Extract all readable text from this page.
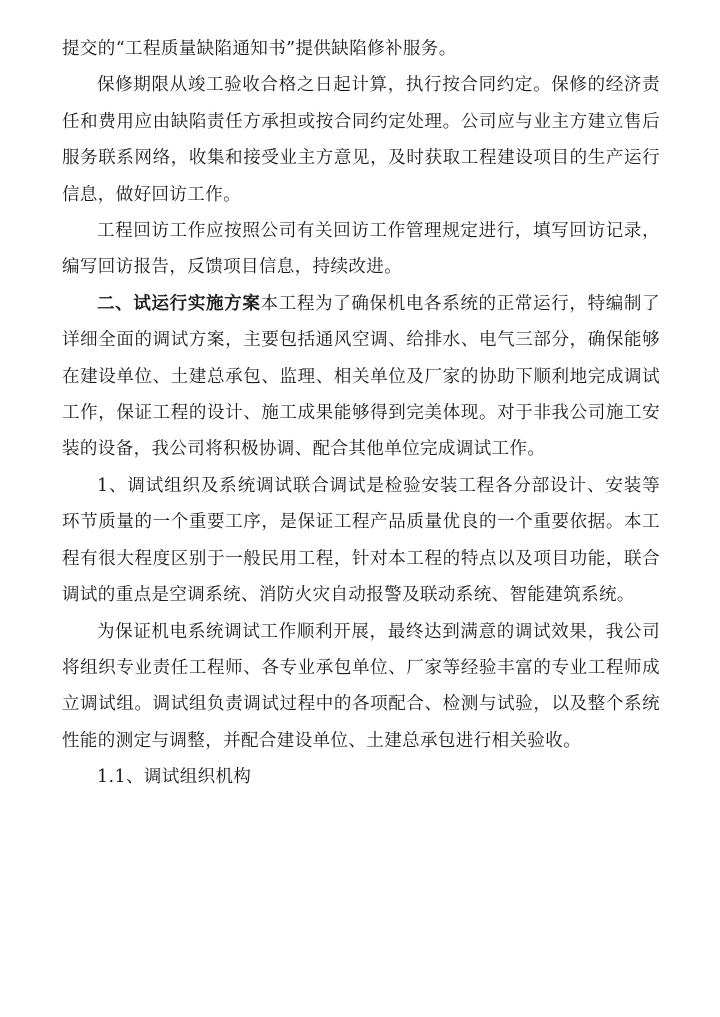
提交的“工程质量缺陷通知书”提供缺陷修补服务。

保修期限从竣工验收合格之日起计算，执行按合同约定。保修的经济责任和费用应由缺陷责任方承担或按合同约定处理。公司应与业主方建立售后服务联系网络，收集和接受业主方意见，及时获取工程建设项目的生产运行信息，做好回访工作。

工程回访工作应按照公司有关回访工作管理规定进行，填写回访记录，编写回访报告，反馈项目信息，持续改进。

二、试运行实施方案本工程为了确保机电各系统的正常运行，特编制了详细全面的调试方案，主要包括通风空调、给排水、电气三部分，确保能够在建设单位、土建总承包、监理、相关单位及厂家的协助下顺利地完成调试工作，保证工程的设计、施工成果能够得到完美体现。对于非我公司施工安装的设备，我公司将积极协调、配合其他单位完成调试工作。

1、调试组织及系统调试联合调试是检验安装工程各分部设计、安装等环节质量的一个重要工序，是保证工程产品质量优良的一个重要依据。本工程有很大程度区别于一般民用工程，针对本工程的特点以及项目功能，联合调试的重点是空调系统、消防火灾自动报警及联动系统、智能建筑系统。

为保证机电系统调试工作顺利开展，最终达到满意的调试效果，我公司将组织专业责任工程师、各专业承包单位、厂家等经验丰富的专业工程师成立调试组。调试组负责调试过程中的各项配合、检测与试验，以及整个系统性能的测定与调整，并配合建设单位、土建总承包进行相关验收。

1.1、调试组织机构
